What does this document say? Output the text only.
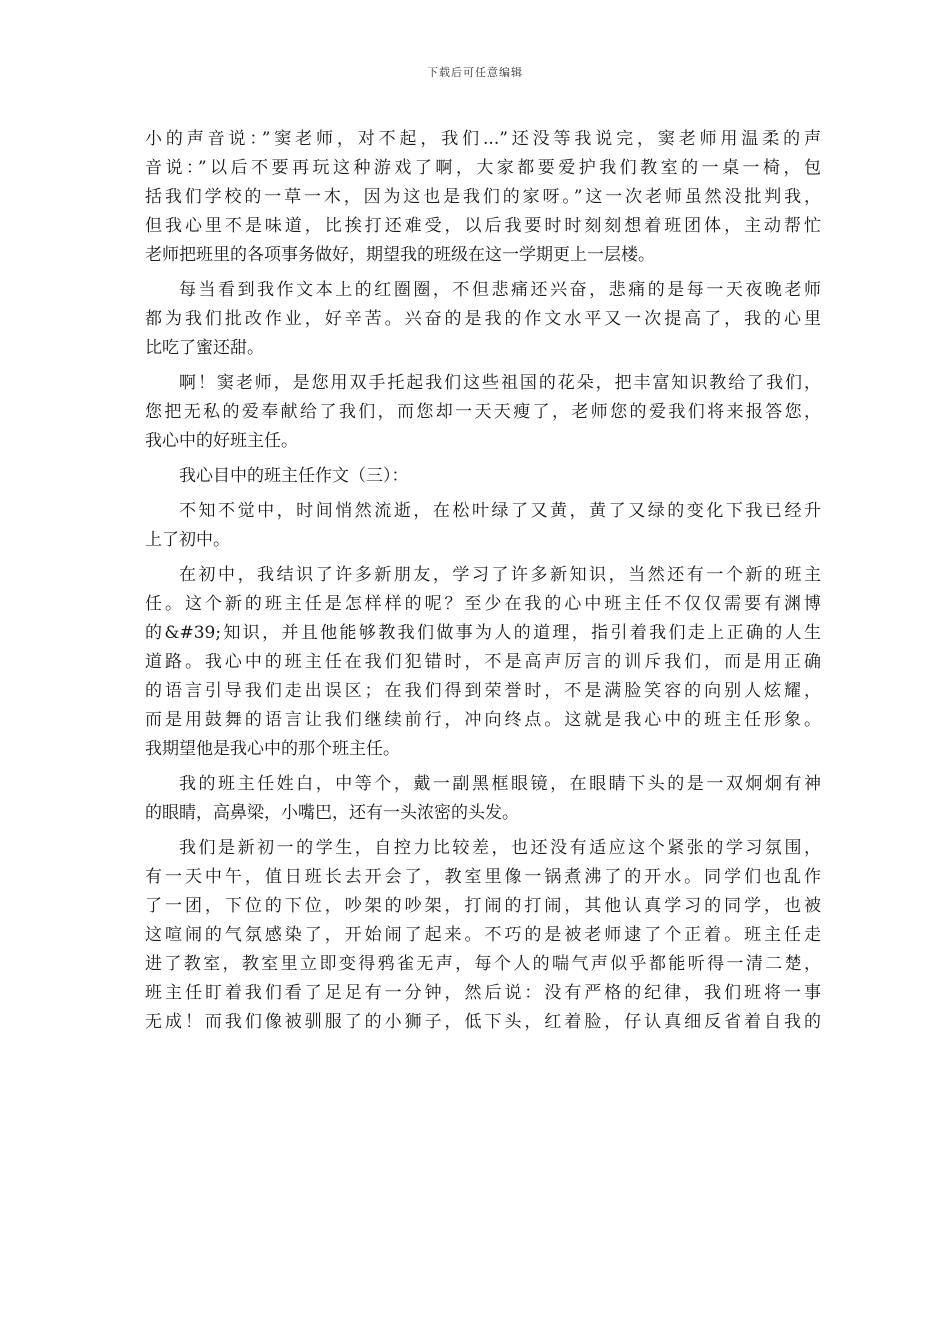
下载后可任意编辑
小的声音说：”窦老师，对不起，我们...”还没等我说完，窦老师用温柔的声
音说：”以后不要再玩这种游戏了啊，大家都要爱护我们教室的一桌一椅，包
括我们学校的一草一木，因为这也是我们的家呀。”这一次老师虽然没批判我，
但我心里不是味道，比挨打还难受，以后我要时时刻刻想着班团体，主动帮忙
老师把班里的各项事务做好，期望我的班级在这一学期更上一层楼。
每当看到我作文本上的红圈圈，不但悲痛还兴奋，悲痛的是每一天夜晚老师
都为我们批改作业，好辛苦。兴奋的是我的作文水平又一次提高了，我的心里
比吃了蜜还甜。
啊！窦老师，是您用双手托起我们这些祖国的花朵，把丰富知识教给了我们，
您把无私的爱奉献给了我们，而您却一天天瘦了，老师您的爱我们将来报答您，
我心中的好班主任。
我心目中的班主任作文（三）：
不知不觉中，时间悄然流逝，在松叶绿了又黄，黄了又绿的变化下我已经升
上了初中。
在初中，我结识了许多新朋友，学习了许多新知识，当然还有一个新的班主
任。这个新的班主任是怎样样的呢？至少在我的心中班主任不仅仅需要有渊博
的&#39;知识，并且他能够教我们做事为人的道理，指引着我们走上正确的人生
道路。我心中的班主任在我们犯错时，不是高声厉言的训斥我们，而是用正确
的语言引导我们走出误区；在我们得到荣誉时，不是满脸笑容的向别人炫耀，
而是用鼓舞的语言让我们继续前行，冲向终点。这就是我心中的班主任形象。
我期望他是我心中的那个班主任。
我的班主任姓白，中等个，戴一副黑框眼镜，在眼睛下头的是一双炯炯有神
的眼睛，高鼻梁，小嘴巴，还有一头浓密的头发。
我们是新初一的学生，自控力比较差，也还没有适应这个紧张的学习氛围，
有一天中午，值日班长去开会了，教室里像一锅煮沸了的开水。同学们也乱作
了一团，下位的下位，吵架的吵架，打闹的打闹，其他认真学习的同学，也被
这喧闹的气氛感染了，开始闹了起来。不巧的是被老师逮了个正着。班主任走
进了教室，教室里立即变得鸦雀无声，每个人的喘气声似乎都能听得一清二楚，
班主任盯着我们看了足足有一分钟，然后说：没有严格的纪律，我们班将一事
无成！而我们像被驯服了的小狮子，低下头，红着脸，仔认真细反省着自我的
